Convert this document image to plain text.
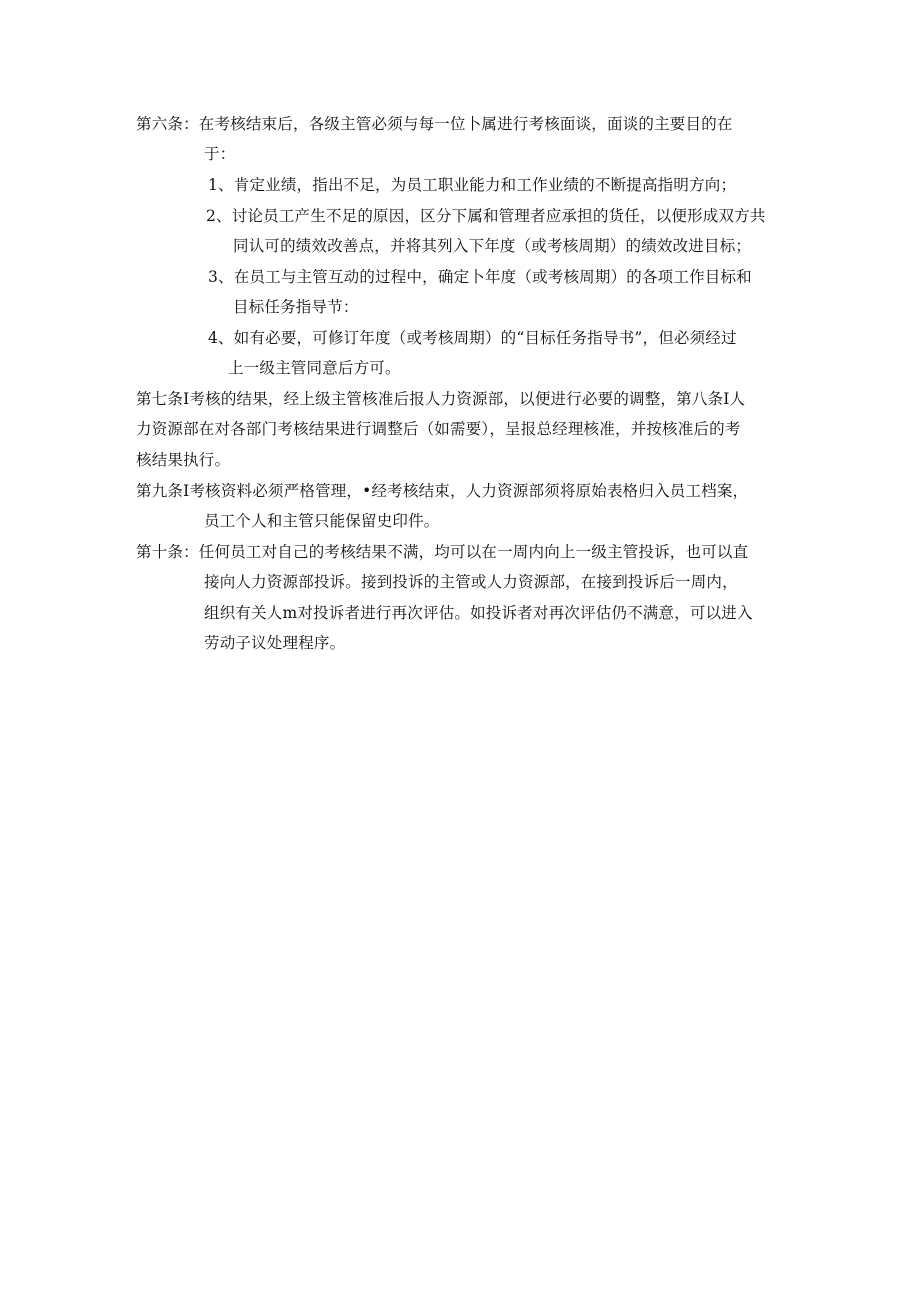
第六条：在考核结束后，各级主管必须与每一位卜属进行考核面谈，面谈的主要目的在
于：
1、肯定业绩，指出不足，为员工职业能力和工作业绩的不断提高指明方向；
2、讨论员工产生不足的原因，区分下属和管理者应承担的货任，以便形成双方共
同认可的绩效改善点，并将其列入下年度（或考核周期）的绩效改进目标；
3、在员工与主管互动的过程中，确定卜年度（或考核周期）的各项工作目标和
目标任务指导节：
4、如有必要，可修订年度（或考核周期）的“目标任务指导书”，但必须经过
上一级主管同意后方可。
第七条I考核的结果，经上级主管核准后报人力资源部，以便进行必要的调整，第八条I人
力资源部在对各部门考核结果进行调整后（如需要），呈报总经理核准，并按核准后的考
核结果执行。
第九条I考核资料必须严格管理，•经考核结束，人力资源部须将原始表格归入员工档案，
员工个人和主管只能保留史印件。
第十条：任何员工对自己的考核结果不满，均可以在一周内向上一级主管投诉，也可以直
接向人力资源部投诉。接到投诉的主管或人力资源部，在接到投诉后一周内，
组织有关人m对投诉者进行再次评估。如投诉者对再次评估仍不满意，可以进入
劳动子议处理程序。
